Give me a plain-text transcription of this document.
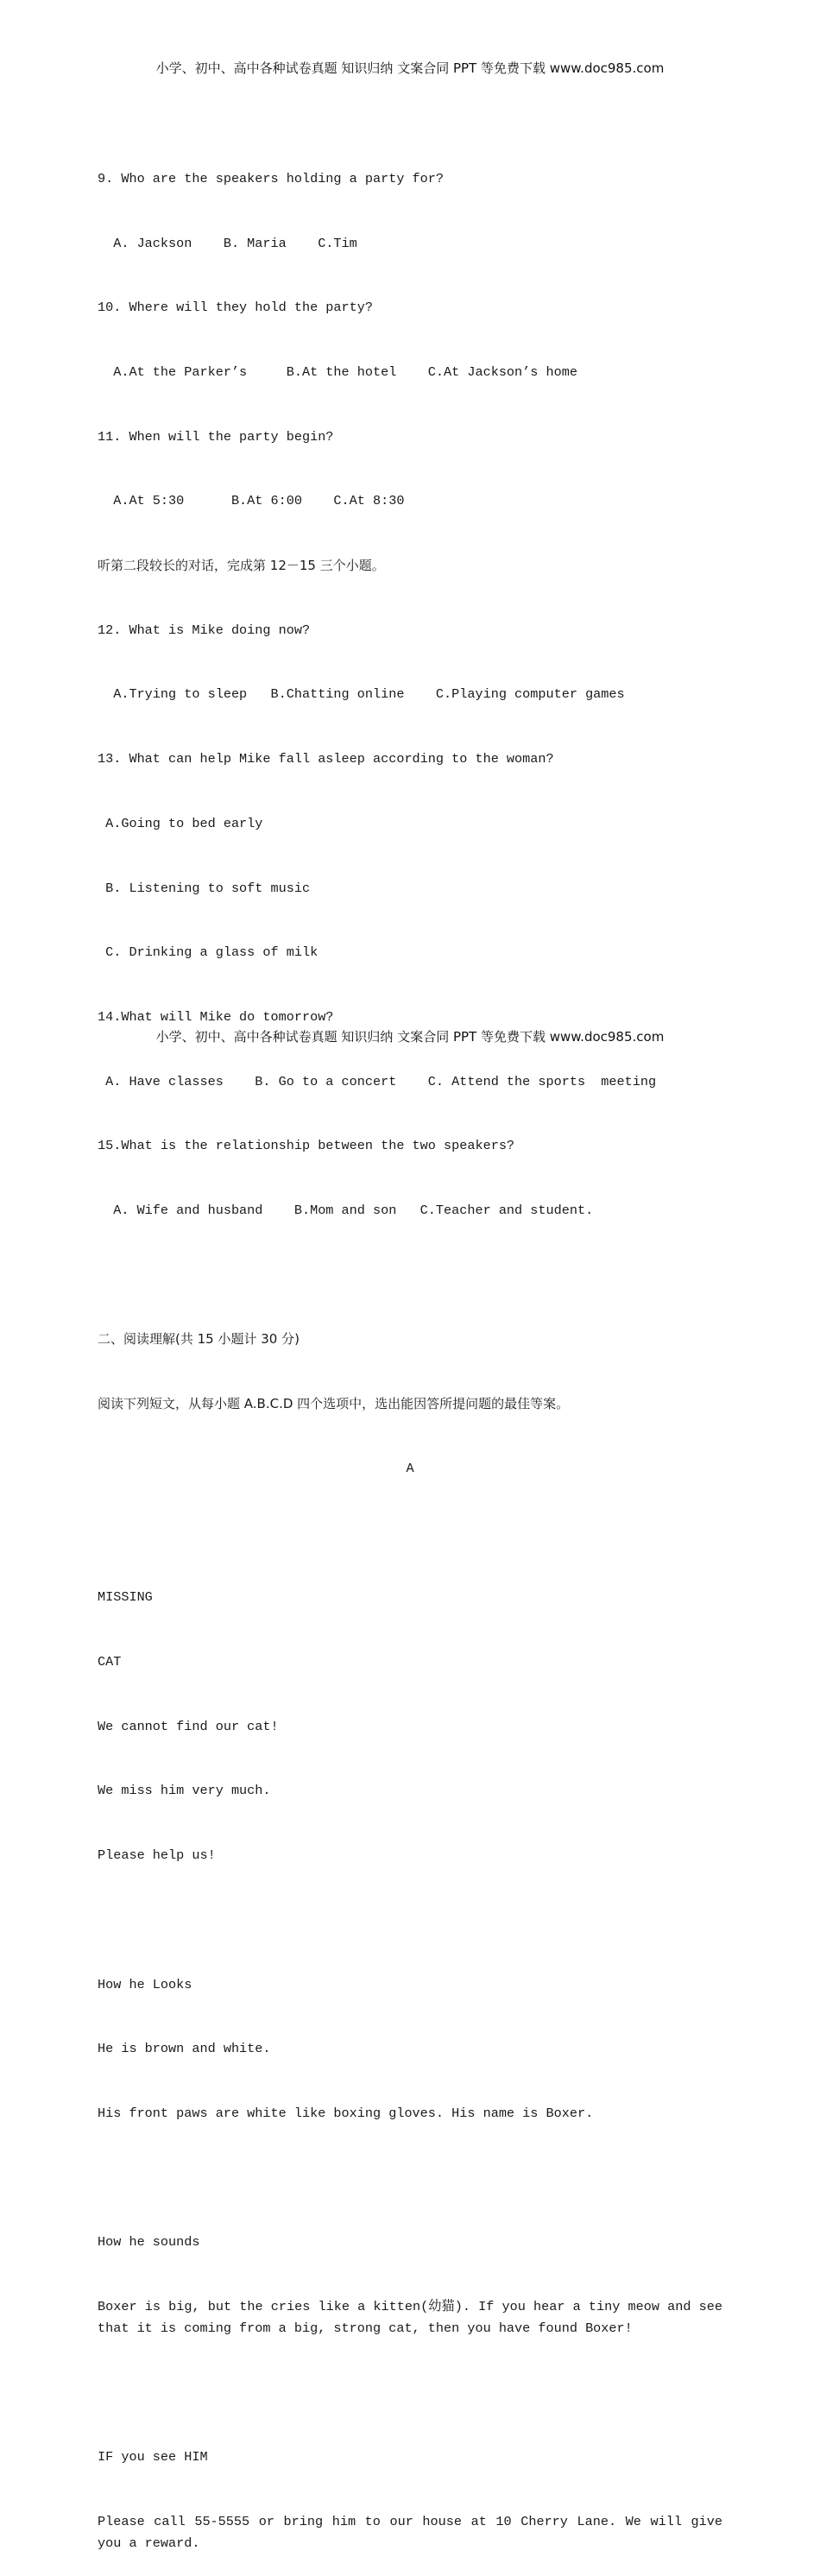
小学、初中、高中各种试卷真题 知识归纳 文案合同 PPT 等免费下载 www.doc985.com

9. Who are the speakers holding a party for?

A. Jackson    B. Maria    C.Tim

10. Where will they hold the party?

A.At the Parker’s     B.At the hotel    C.At Jackson’s home

11. When will the party begin?

A.At 5:30      B.At 6:00    C.At 8:30

听第二段较长的对话，完成第 12－15 三个小题。

12. What is Mike doing now?

A.Trying to sleep   B.Chatting online    C.Playing computer games

13. What can help Mike fall asleep according to the woman?

A.Going to bed early

B. Listening to soft music

C. Drinking a glass of milk

14.What will Mike do tomorrow?

A. Have classes    B. Go to a concert    C. Attend the sports  meeting

15.What is the relationship between the two speakers?

A. Wife and husband    B.Mom and son   C.Teacher and student.

二、阅读理解(共 15 小题计 30 分)

阅读下列短文，从每小题 A.B.C.D 四个选项中，选出能因答所提问题的最佳等案。

A

MISSING

CAT

We cannot find our cat!

We miss him very much.

Please help us!

How he Looks

He is brown and white.

His front paws are white like boxing gloves. His name is Boxer.

How he sounds

Boxer is big, but the cries like a kitten(幼猫). If you hear a tiny meow and see that it is coming from a big, strong cat, then you have found Boxer!

IF you see HIM

Please call 55-5555 or bring him to our house at 10 Cherry Lane. We will give you a reward.

小学、初中、高中各种试卷真题 知识归纳 文案合同 PPT 等免费下载 www.doc985.com
